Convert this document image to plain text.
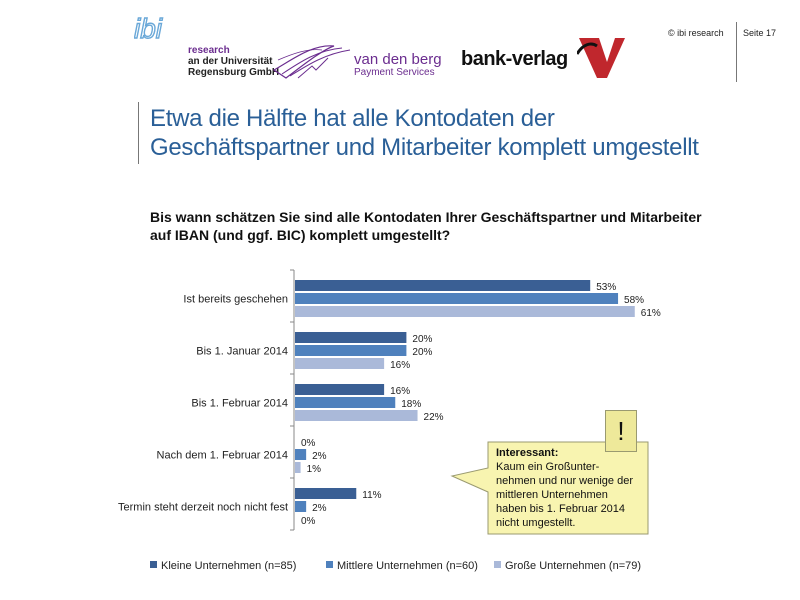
ibi
research
an der Universität
Regensburg GmbH
van den berg
Payment Services
bank-verlag
© ibi research Seite 17
Etwa die Hälfte hat alle Kontodaten der
Geschäftspartner und Mitarbeiter komplett umgestellt
Bis wann schätzen Sie sind alle Kontodaten Ihrer Geschäftspartner und Mitarbeiter
auf IBAN (und ggf. BIC) komplett umgestellt?
Ist bereits geschehen
53%
58%
61%
Bis 1. Januar 2014
20%
20%
16%
Bis 1. Februar 2014
16%
18%
22%
Nach dem 1. Februar 2014
0%
2%
1%
Termin steht derzeit noch nicht fest
11%
2%
0%
!
Interessant:
Kaum ein Großunter-
nehmen und nur wenige der
mittleren Unternehmen
haben bis 1. Februar 2014
nicht umgestellt.
Kleine Unternehmen (n=85)	Mittlere Unternehmen (n=60)	Große Unternehmen (n=79)
